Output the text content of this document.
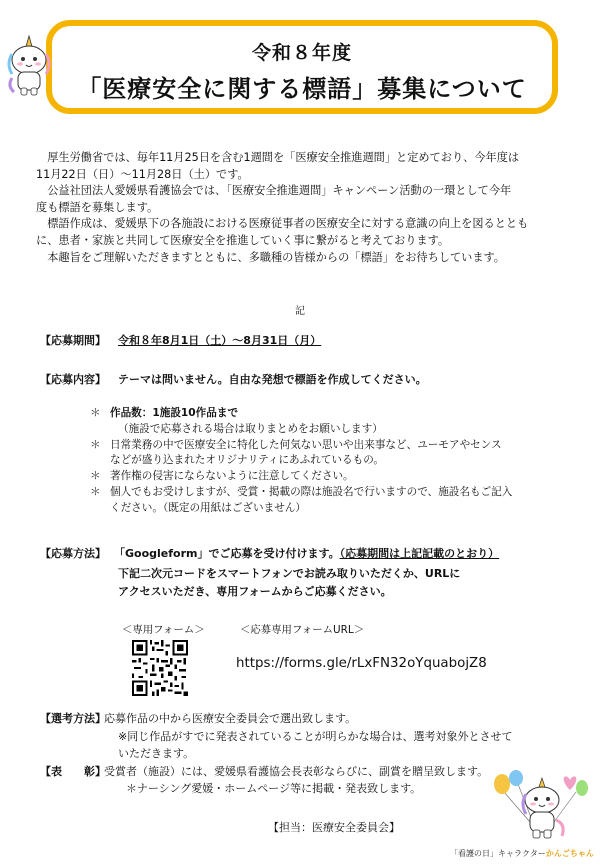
令和８年度
「医療安全に関する標語」募集について

厚生労働省では、毎年11月25日を含む1週間を「医療安全推進週間」と定めており、今年度は

11月22日（日）～11月28日（土）です。

公益社団法人愛媛県看護協会では、「医療安全推進週間」キャンペーン活動の一環として今年

度も標語を募集します。

標語作成は、愛媛県下の各施設における医療従事者の医療安全に対する意識の向上を図るととも

に、患者・家族と共同して医療安全を推進していく事に繋がると考えております。

本趣旨をご理解いただきますとともに、多職種の皆様からの「標語」をお待ちしています。

記
【応募期間】 令和８年8月1日（土）～8月31日（月）
【応募内容】 テーマは問いません。自由な発想で標語を作成してください。
＊ 作品数：1施設10作品まで
（施設で応募される場合は取りまとめをお願いします）
＊ 日常業務の中で医療安全に特化した何気ない思いや出来事など、ユーモアやセンス
などが盛り込まれたオリジナリティにあふれているもの。
＊ 著作権の侵害にならないように注意してください。
＊ 個人でもお受けしますが、受賞・掲載の際は施設名で行いますので、施設名もご記入
ください。（既定の用紙はございません）
【応募方法】 「Googleform」でご応募を受け付けます。（応募期間は上記記載のとおり）
下記二次元コードをスマートフォンでお読み取りいただくか、URLに
アクセスいただき、専用フォームからご応募ください。
＜専用フォーム＞	＜応募専用フォームURL＞
https://forms.gle/rLxFN32oYquabojZ8
【選考方法】
応募作品の中から医療安全委員会で選出致します。
※同じ作品がすでに発表されていることが明らかな場合は、選考対象外とさせて
いただきます。
【表　　彰】
受賞者（施設）には、愛媛県看護協会長表彰ならびに、副賞を贈呈致します。
＊ナーシング愛媛・ホームページ等に掲載・発表致します。
【担当：医療安全委員会】
「看護の日」キャラクターかんごちゃん
